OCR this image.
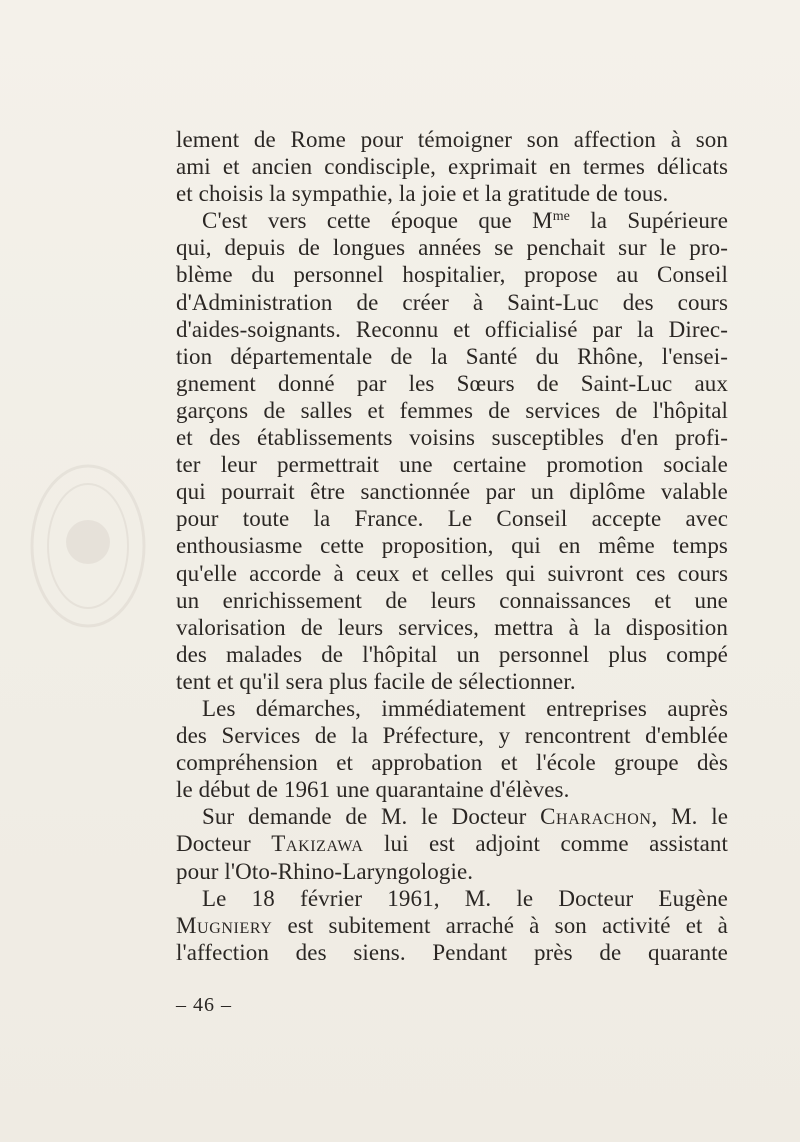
lement de Rome pour témoigner son affection à son
ami et ancien condisciple, exprimait en termes délicats
et choisis la sympathie, la joie et la gratitude de tous.
C'est vers cette époque que $M^{me}$ la Supérieure
qui, depuis de longues années se penchait sur le pro-
blème du personnel hospitalier, propose au Conseil
d'Administration de créer à Saint-Luc des cours
d'aides-soignants. Reconnu et officialisé par la Direc-
tion départementale de la Santé du Rhône, l'ensei-
gnement donné par les Sœurs de Saint-Luc aux
garçons de salles et femmes de services de l'hôpital
et des établissements voisins susceptibles d'en profi-
ter leur permettrait une certaine promotion sociale
qui pourrait être sanctionnée par un diplôme valable
pour toute la France. Le Conseil accepte avec
enthousiasme cette proposition, qui en même temps
qu'elle accorde à ceux et celles qui suivront ces cours
un enrichissement de leurs connaissances et une
valorisation de leurs services, mettra à la disposition
des malades de l'hôpital un personnel plus compé
tent et qu'il sera plus facile de sélectionner.
Les démarches, immédiatement entreprises auprès
des Services de la Préfecture, y rencontrent d'emblée
compréhension et approbation et l'école groupe dès
le début de 1961 une quarantaine d'élèves.
Sur demande de M. le Docteur Charachon, M. le
Docteur Takizawa lui est adjoint comme assistant
pour l'Oto-Rhino-Laryngologie.
Le 18 février 1961, M. le Docteur Eugène
Mugniery est subitement arraché à son activité et à
l'affection des siens. Pendant près de quarante
– 46 –
